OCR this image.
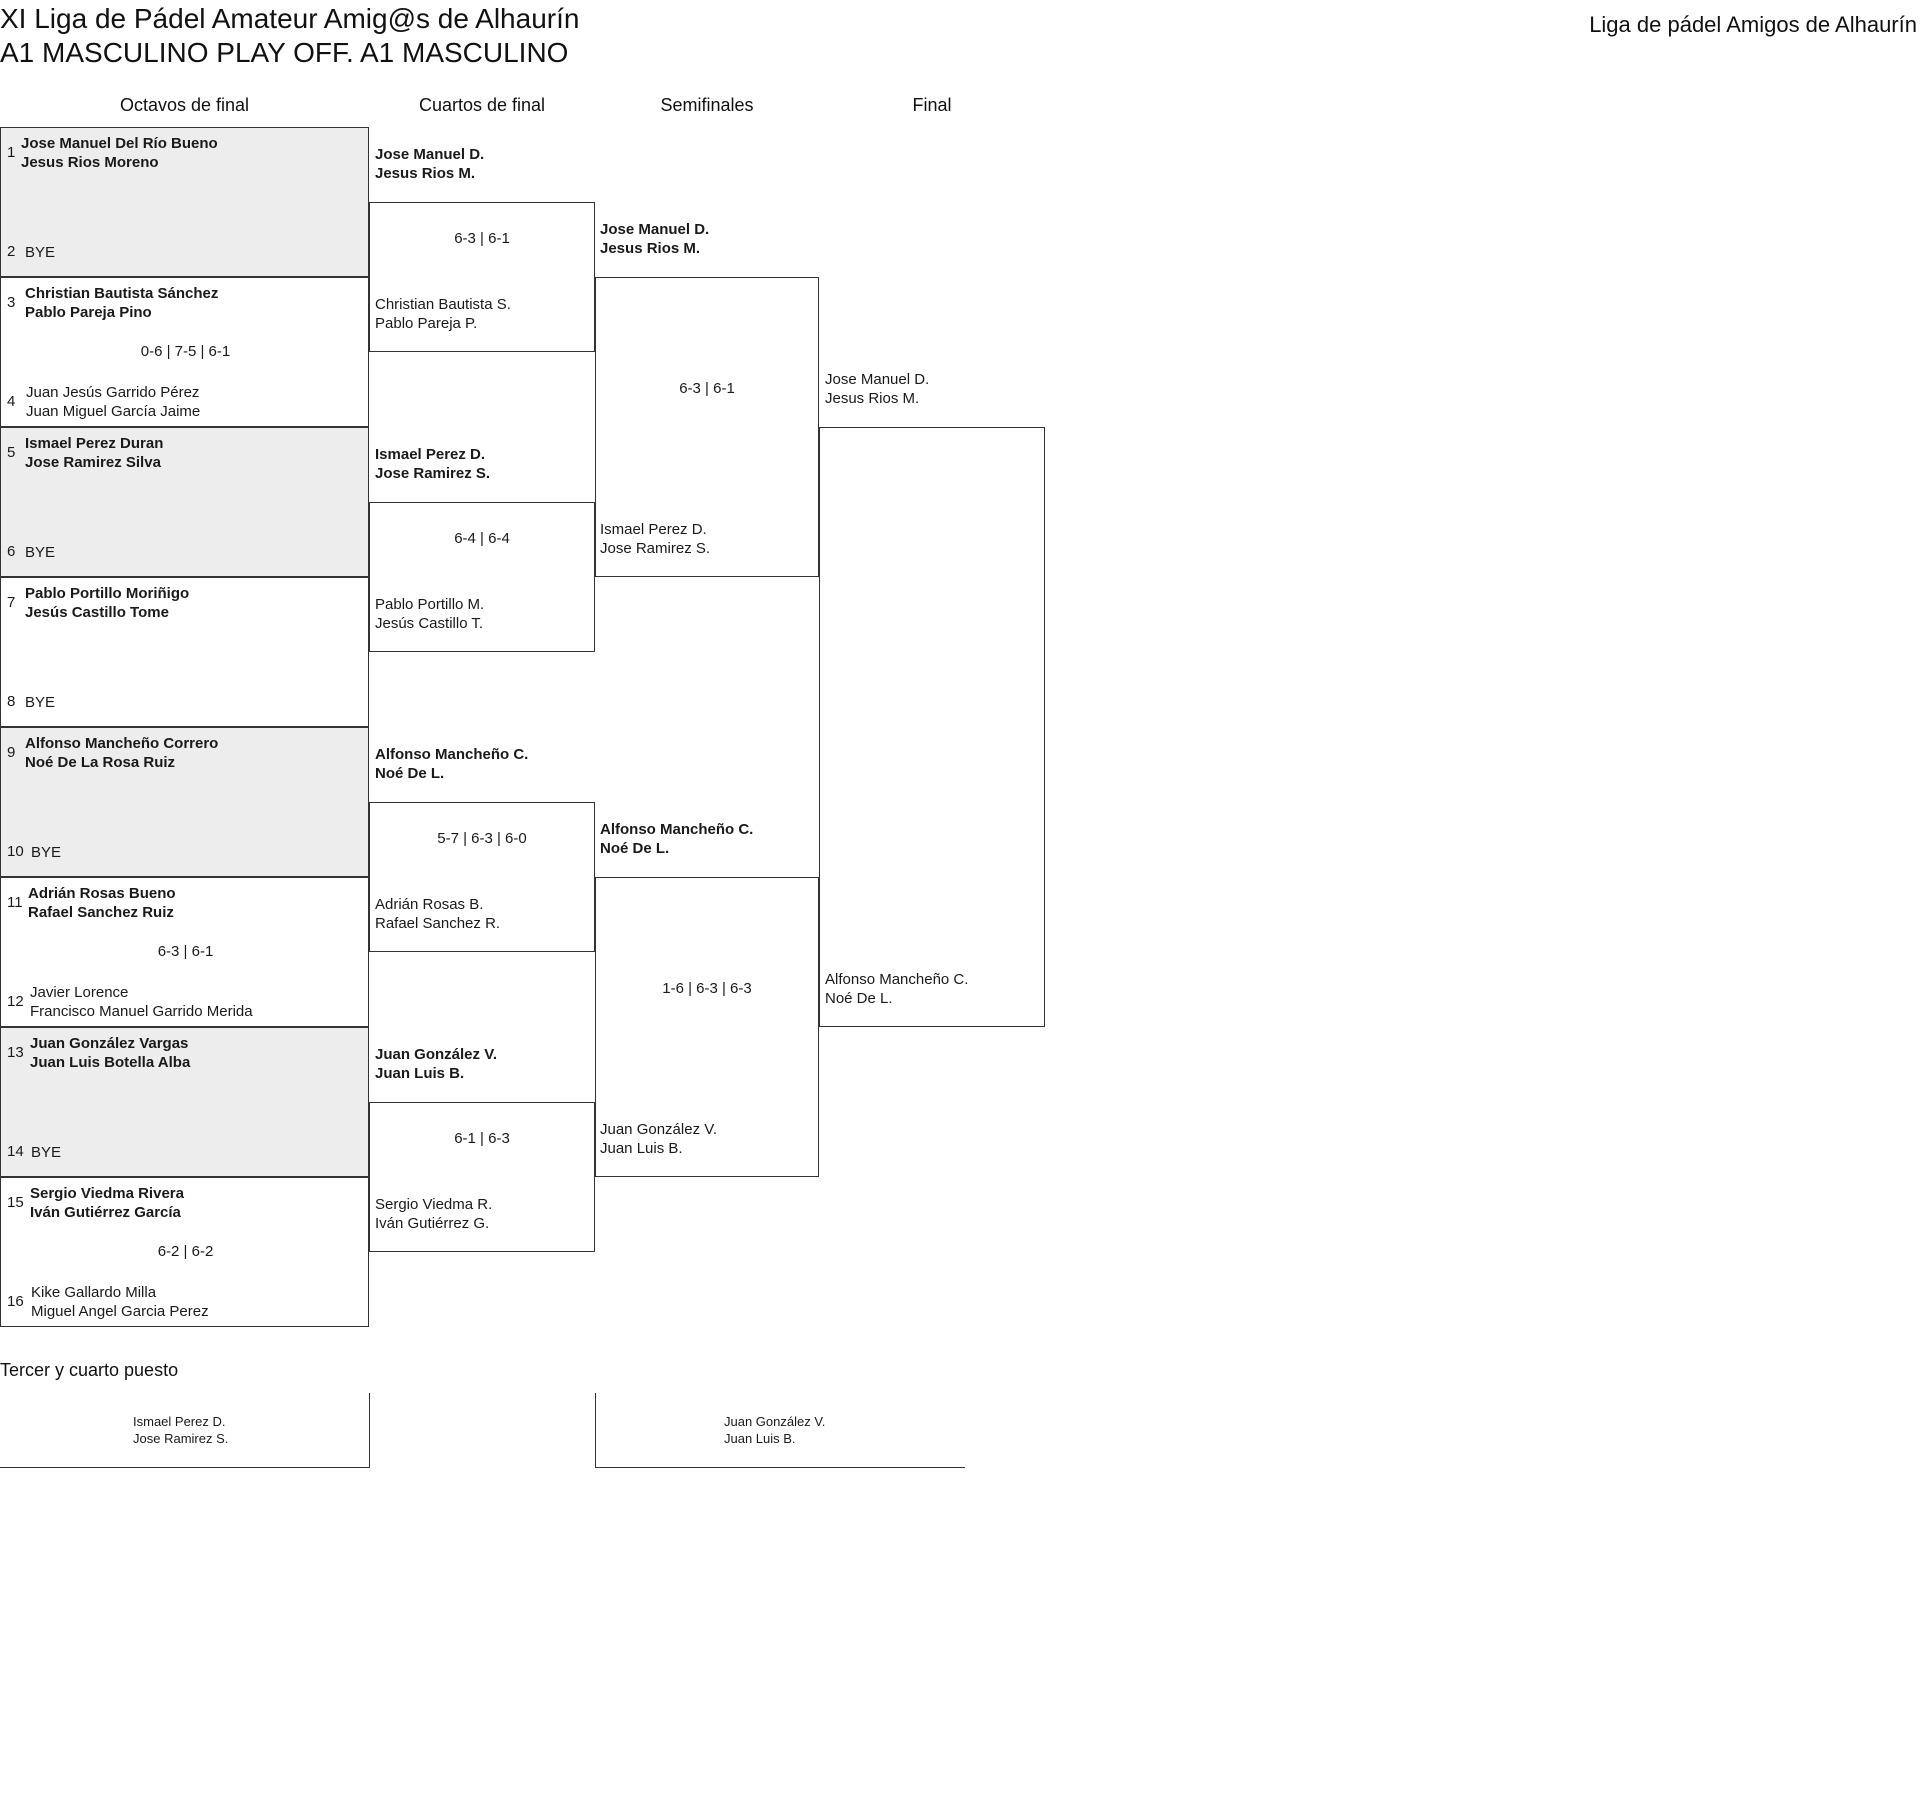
XI Liga de Pádel Amateur Amig@s de Alhaurín
A1 MASCULINO PLAY OFF. A1 MASCULINO
Liga de pádel Amigos de Alhaurín
Octavos de final	Cuartos de final	Semifinales	Final
1
Jose Manuel Del Río Bueno
Jesus Rios Moreno
2 BYE
3
Christian Bautista Sánchez
Pablo Pareja Pino
0-6 | 7-5 | 6-1
4
Juan Jesús Garrido Pérez
Juan Miguel García Jaime
5
Ismael Perez Duran
Jose Ramirez Silva
6 BYE
7
Pablo Portillo Moriñigo
Jesús Castillo Tome
8 BYE
9
Alfonso Mancheño Correro
Noé De La Rosa Ruiz
10 BYE
11
Adrián Rosas Bueno
Rafael Sanchez Ruiz
6-3 | 6-1
12
Javier Lorence
Francisco Manuel Garrido Merida
13
Juan González Vargas
Juan Luis Botella Alba
14 BYE
15
Sergio Viedma Rivera
Iván Gutiérrez García
6-2 | 6-2
16
Kike Gallardo Milla
Miguel Angel Garcia Perez
Jose Manuel D.
Jesus Rios M.
6-3 | 6-1
Christian Bautista S.
Pablo Pareja P.
Ismael Perez D.
Jose Ramirez S.
6-4 | 6-4
Pablo Portillo M.
Jesús Castillo T.
Alfonso Mancheño C.
Noé De L.
5-7 | 6-3 | 6-0
Adrián Rosas B.
Rafael Sanchez R.
Juan González V.
Juan Luis B.
6-1 | 6-3
Sergio Viedma R.
Iván Gutiérrez G.
Jose Manuel D.
Jesus Rios M.
6-3 | 6-1
Ismael Perez D.
Jose Ramirez S.
Alfonso Mancheño C.
Noé De L.
1-6 | 6-3 | 6-3
Juan González V.
Juan Luis B.
Jose Manuel D.
Jesus Rios M.
Alfonso Mancheño C.
Noé De L.
Tercer y cuarto puesto
Ismael Perez D.
Jose Ramirez S.
Juan González V.
Juan Luis B.
